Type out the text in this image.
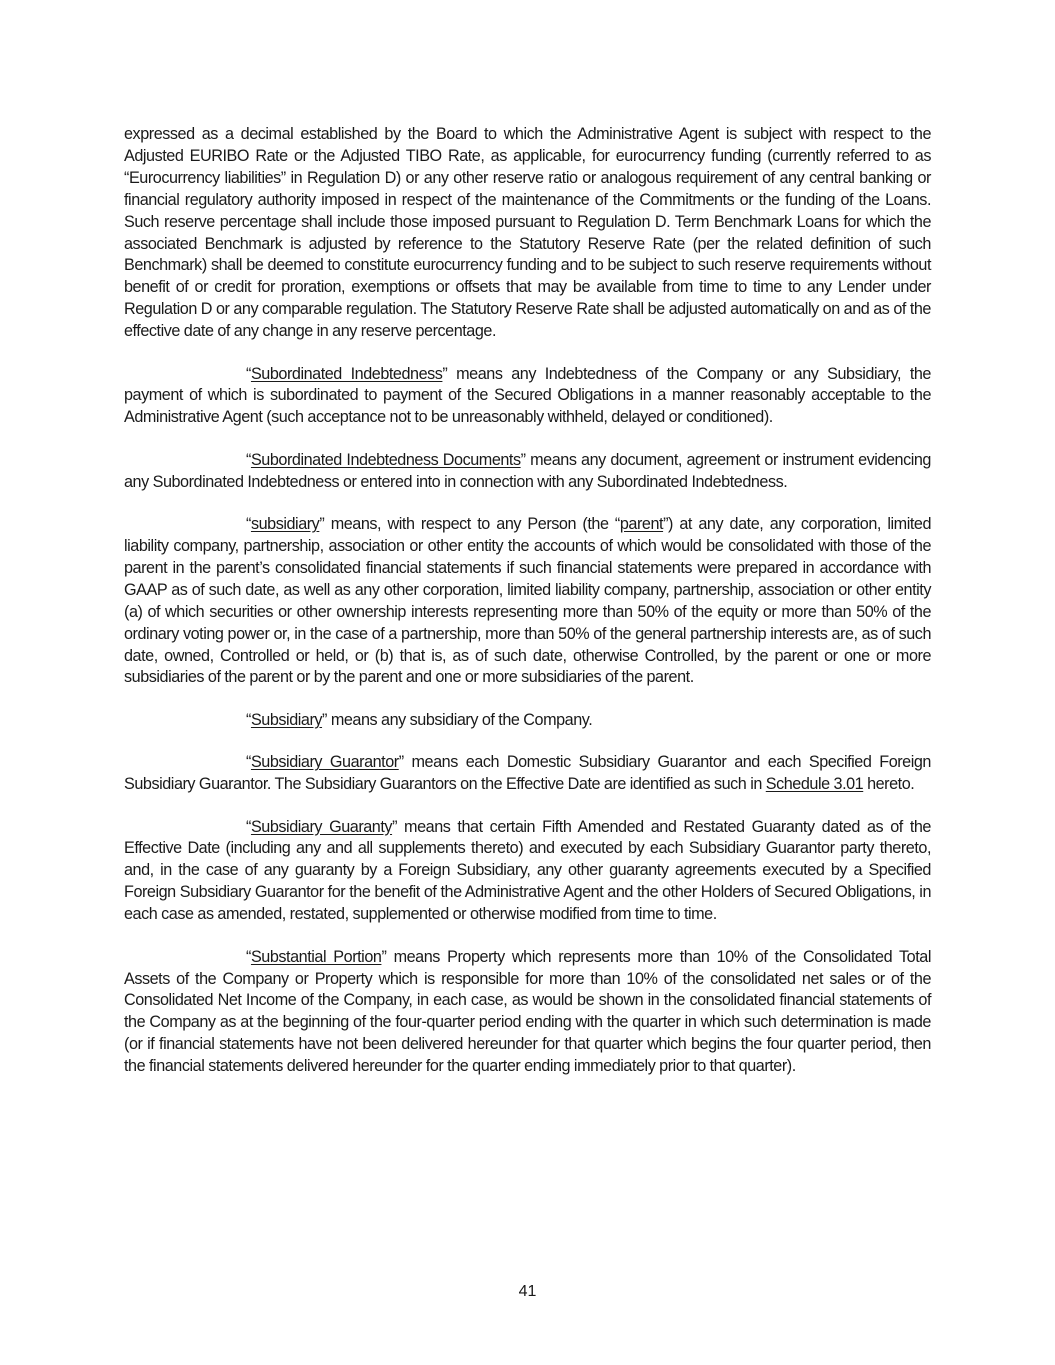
expressed as a decimal established by the Board to which the Administrative Agent is subject with respect to the Adjusted EURIBO Rate or the Adjusted TIBO Rate, as applicable, for eurocurrency funding (currently referred to as “Eurocurrency liabilities” in Regulation D) or any other reserve ratio or analogous requirement of any central banking or financial regulatory authority imposed in respect of the maintenance of the Commitments or the funding of the Loans. Such reserve percentage shall include those imposed pursuant to Regulation D. Term Benchmark Loans for which the associated Benchmark is adjusted by reference to the Statutory Reserve Rate (per the related definition of such Benchmark) shall be deemed to constitute eurocurrency funding and to be subject to such reserve requirements without benefit of or credit for proration, exemptions or offsets that may be available from time to time to any Lender under Regulation D or any comparable regulation. The Statutory Reserve Rate shall be adjusted automatically on and as of the effective date of any change in any reserve percentage.

“Subordinated Indebtedness” means any Indebtedness of the Company or any Subsidiary, the payment of which is subordinated to payment of the Secured Obligations in a manner reasonably acceptable to the Administrative Agent (such acceptance not to be unreasonably withheld, delayed or conditioned).

“Subordinated Indebtedness Documents” means any document, agreement or instrument evidencing any Subordinated Indebtedness or entered into in connection with any Subordinated Indebtedness.

“subsidiary” means, with respect to any Person (the “parent”) at any date, any corporation, limited liability company, partnership, association or other entity the accounts of which would be consolidated with those of the parent in the parent’s consolidated financial statements if such financial statements were prepared in accordance with GAAP as of such date, as well as any other corporation, limited liability company, partnership, association or other entity (a) of which securities or other ownership interests representing more than 50% of the equity or more than 50% of the ordinary voting power or, in the case of a partnership, more than 50% of the general partnership interests are, as of such date, owned, Controlled or held, or (b) that is, as of such date, otherwise Controlled, by the parent or one or more subsidiaries of the parent or by the parent and one or more subsidiaries of the parent.

“Subsidiary” means any subsidiary of the Company.

“Subsidiary Guarantor” means each Domestic Subsidiary Guarantor and each Specified Foreign Subsidiary Guarantor. The Subsidiary Guarantors on the Effective Date are identified as such in Schedule 3.01 hereto.

“Subsidiary Guaranty” means that certain Fifth Amended and Restated Guaranty dated as of the Effective Date (including any and all supplements thereto) and executed by each Subsidiary Guarantor party thereto, and, in the case of any guaranty by a Foreign Subsidiary, any other guaranty agreements executed by a Specified Foreign Subsidiary Guarantor for the benefit of the Administrative Agent and the other Holders of Secured Obligations, in each case as amended, restated, supplemented or otherwise modified from time to time.

“Substantial Portion” means Property which represents more than 10% of the Consolidated Total Assets of the Company or Property which is responsible for more than 10% of the consolidated net sales or of the Consolidated Net Income of the Company, in each case, as would be shown in the consolidated financial statements of the Company as at the beginning of the four-quarter period ending with the quarter in which such determination is made (or if financial statements have not been delivered hereunder for that quarter which begins the four quarter period, then the financial statements delivered hereunder for the quarter ending immediately prior to that quarter).

41
